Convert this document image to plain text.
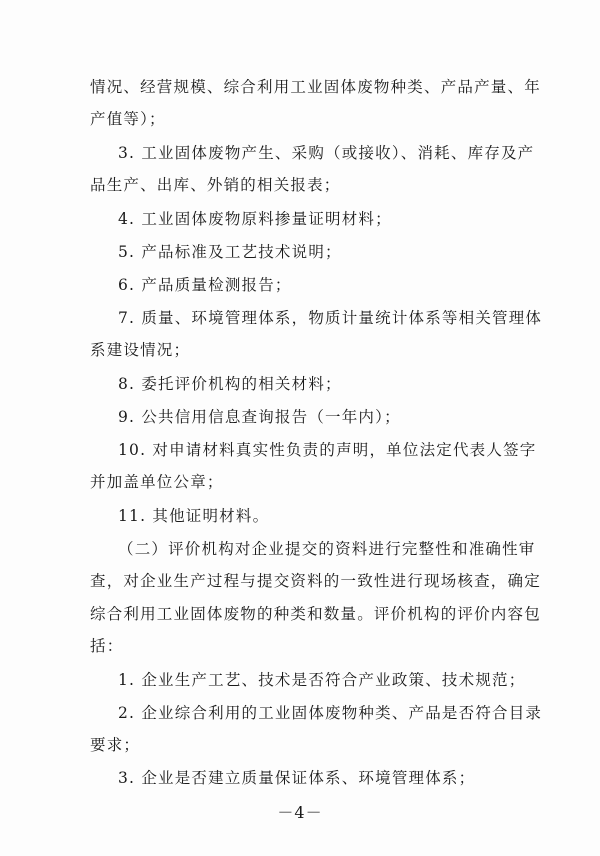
情况、经营规模、综合利用工业固体废物种类、产品产量、年
产值等）；
3. 工业固体废物产生、采购（或接收）、消耗、库存及产
品生产、出库、外销的相关报表；
4. 工业固体废物原料掺量证明材料；
5. 产品标准及工艺技术说明；
6. 产品质量检测报告；
7. 质量、环境管理体系，物质计量统计体系等相关管理体
系建设情况；
8. 委托评价机构的相关材料；
9. 公共信用信息查询报告（一年内）；
10. 对申请材料真实性负责的声明，单位法定代表人签字
并加盖单位公章；
11. 其他证明材料。
（二）评价机构对企业提交的资料进行完整性和准确性审
查，对企业生产过程与提交资料的一致性进行现场核查，确定
综合利用工业固体废物的种类和数量。评价机构的评价内容包
括：
1. 企业生产工艺、技术是否符合产业政策、技术规范；
2. 企业综合利用的工业固体废物种类、产品是否符合目录
要求；
3. 企业是否建立质量保证体系、环境管理体系；
－4－
